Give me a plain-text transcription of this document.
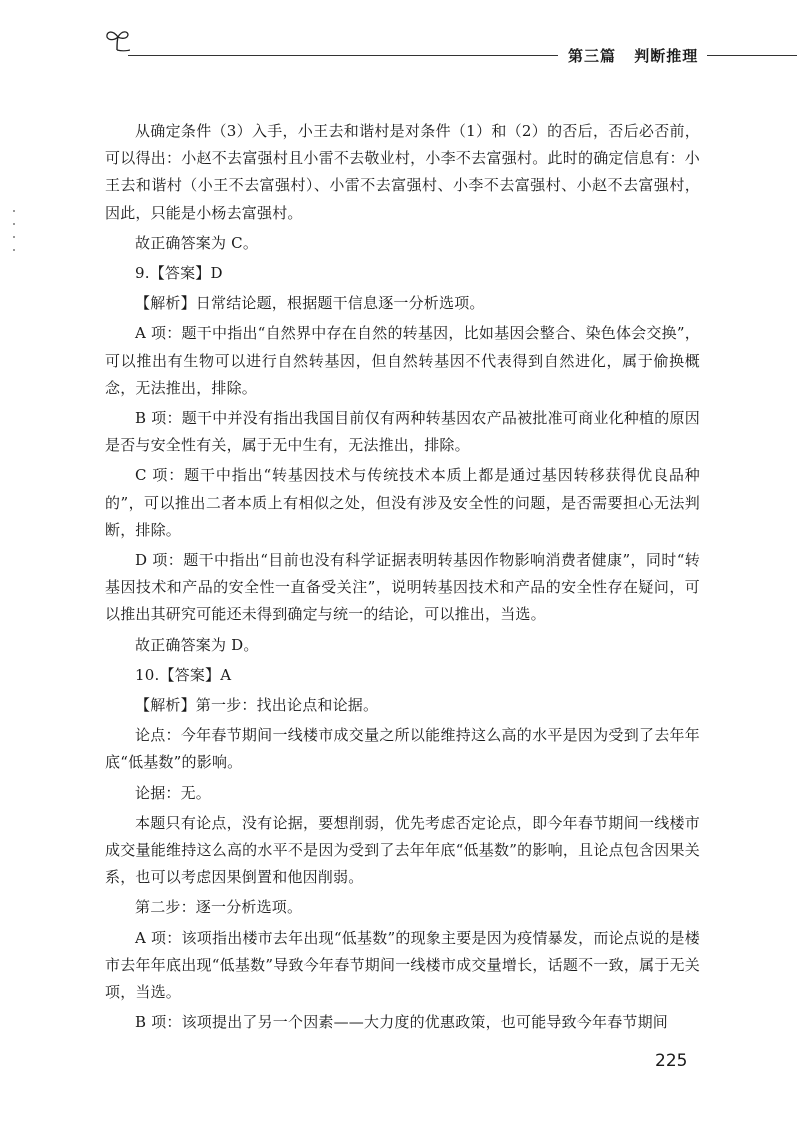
第三篇 判断推理

从确定条件（3）入手，小王去和谐村是对条件（1）和（2）的否后，否后必否前，可以得出：小赵不去富强村且小雷不去敬业村，小李不去富强村。此时的确定信息有：小王去和谐村（小王不去富强村）、小雷不去富强村、小李不去富强村、小赵不去富强村，因此，只能是小杨去富强村。

故正确答案为 C。

9.【答案】D

【解析】日常结论题，根据题干信息逐一分析选项。

A 项：题干中指出“自然界中存在自然的转基因，比如基因会整合、染色体会交换”，可以推出有生物可以进行自然转基因，但自然转基因不代表得到自然进化，属于偷换概念，无法推出，排除。

B 项：题干中并没有指出我国目前仅有两种转基因农产品被批准可商业化种植的原因是否与安全性有关，属于无中生有，无法推出，排除。

C 项：题干中指出“转基因技术与传统技术本质上都是通过基因转移获得优良品种的”，可以推出二者本质上有相似之处，但没有涉及安全性的问题，是否需要担心无法判断，排除。

D 项：题干中指出“目前也没有科学证据表明转基因作物影响消费者健康”，同时“转基因技术和产品的安全性一直备受关注”，说明转基因技术和产品的安全性存在疑问，可以推出其研究可能还未得到确定与统一的结论，可以推出，当选。

故正确答案为 D。

10.【答案】A

【解析】第一步：找出论点和论据。

论点：今年春节期间一线楼市成交量之所以能维持这么高的水平是因为受到了去年年底“低基数”的影响。

论据：无。

本题只有论点，没有论据，要想削弱，优先考虑否定论点，即今年春节期间一线楼市成交量能维持这么高的水平不是因为受到了去年年底“低基数”的影响，且论点包含因果关系，也可以考虑因果倒置和他因削弱。

第二步：逐一分析选项。

A 项：该项指出楼市去年出现“低基数”的现象主要是因为疫情暴发，而论点说的是楼市去年年底出现“低基数”导致今年春节期间一线楼市成交量增长，话题不一致，属于无关项，当选。

B 项：该项提出了另一个因素——大力度的优惠政策，也可能导致今年春节期间

225
